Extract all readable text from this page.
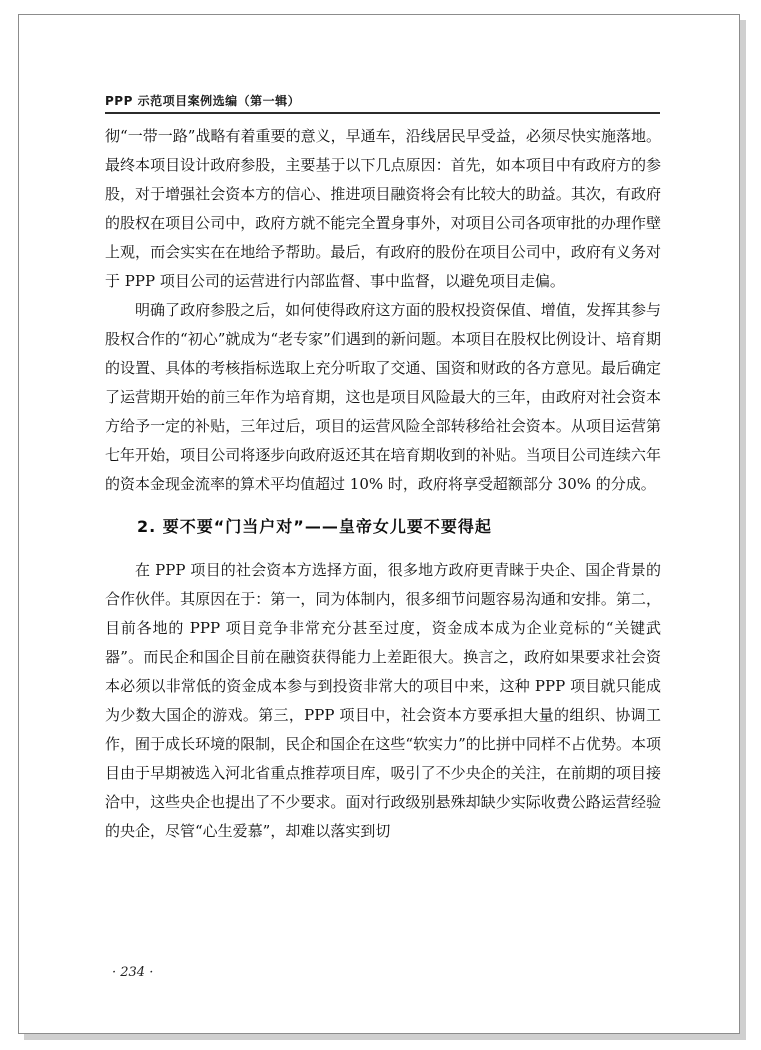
PPP 示范项目案例选编（第一辑）

彻“一带一路”战略有着重要的意义，早通车，沿线居民早受益，必须尽快实施落地。最终本项目设计政府参股，主要基于以下几点原因：首先，如本项目中有政府方的参股，对于增强社会资本方的信心、推进项目融资将会有比较大的助益。其次，有政府的股权在项目公司中，政府方就不能完全置身事外，对项目公司各项审批的办理作壁上观，而会实实在在地给予帮助。最后，有政府的股份在项目公司中，政府有义务对于 PPP 项目公司的运营进行内部监督、事中监督，以避免项目走偏。

明确了政府参股之后，如何使得政府这方面的股权投资保值、增值，发挥其参与股权合作的“初心”就成为“老专家”们遇到的新问题。本项目在股权比例设计、培育期的设置、具体的考核指标选取上充分听取了交通、国资和财政的各方意见。最后确定了运营期开始的前三年作为培育期，这也是项目风险最大的三年，由政府对社会资本方给予一定的补贴，三年过后，项目的运营风险全部转移给社会资本。从项目运营第七年开始，项目公司将逐步向政府返还其在培育期收到的补贴。当项目公司连续六年的资本金现金流率的算术平均值超过 10% 时，政府将享受超额部分 30% 的分成。

2. 要不要“门当户对”——皇帝女儿要不要得起

在 PPP 项目的社会资本方选择方面，很多地方政府更青睐于央企、国企背景的合作伙伴。其原因在于：第一，同为体制内，很多细节问题容易沟通和安排。第二，目前各地的 PPP 项目竞争非常充分甚至过度，资金成本成为企业竞标的“关键武器”。而民企和国企目前在融资获得能力上差距很大。换言之，政府如果要求社会资本必须以非常低的资金成本参与到投资非常大的项目中来，这种 PPP 项目就只能成为少数大国企的游戏。第三，PPP 项目中，社会资本方要承担大量的组织、协调工作，囿于成长环境的限制，民企和国企在这些“软实力”的比拼中同样不占优势。本项目由于早期被选入河北省重点推荐项目库，吸引了不少央企的关注，在前期的项目接洽中，这些央企也提出了不少要求。面对行政级别悬殊却缺少实际收费公路运营经验的央企，尽管“心生爱慕”，却难以落实到切

· 234 ·
